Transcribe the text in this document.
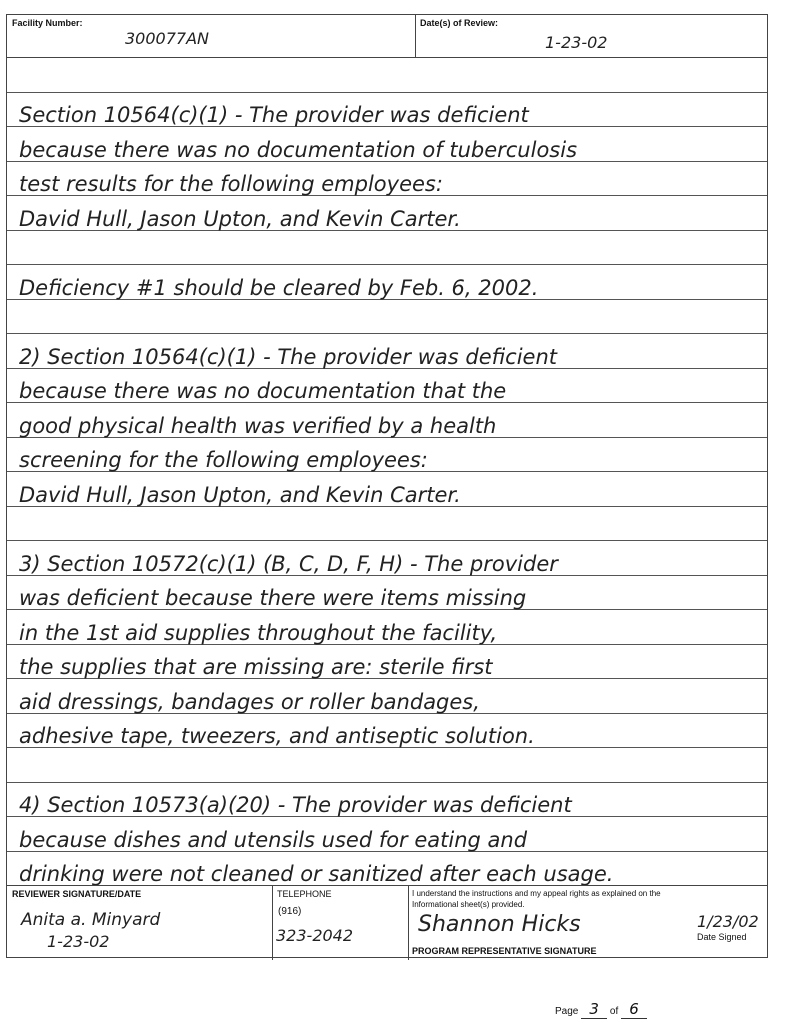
Facility Number:
300077AN
Date(s) of Review:
1-23-02
Section 10564(c)(1) - The provider was deficient
because there was no documentation of tuberculosis
test results for the following employees:
David Hull, Jason Upton, and Kevin Carter.
Deficiency #1 should be cleared by Feb. 6, 2002.
2) Section 10564(c)(1) - The provider was deficient
because there was no documentation that the
good physical health was verified by a health
screening for the following employees:
David Hull, Jason Upton, and Kevin Carter.
3) Section 10572(c)(1) (B, C, D, F, H) - The provider
was deficient because there were items missing
in the 1st aid supplies throughout the facility,
the supplies that are missing are: sterile first
aid dressings, bandages or roller bandages,
adhesive tape, tweezers, and antiseptic solution.
4) Section 10573(a)(20) - The provider was deficient
because dishes and utensils used for eating and
drinking were not cleaned or sanitized after each usage.
REVIEWER SIGNATURE/DATE
Anita a. Minyard
1-23-02
TELEPHONE
(916)
323-2042
I understand the instructions and my appeal rights as explained on the Informational sheet(s) provided.
Shannon Hicks
PROGRAM REPRESENTATIVE SIGNATURE
1/23/02
Date Signed
Page 3 of 6
